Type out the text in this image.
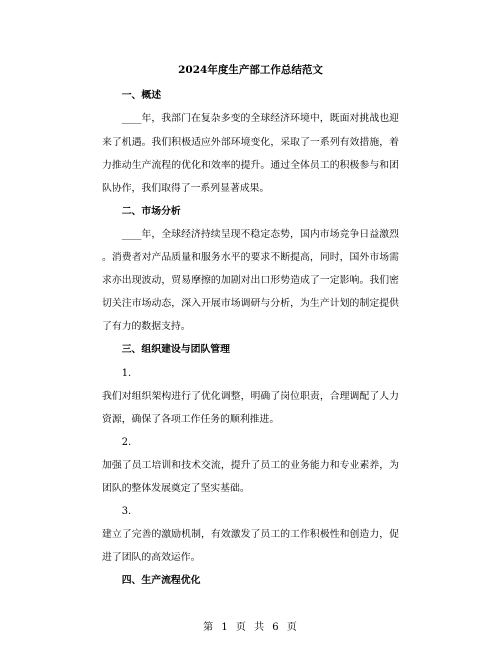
2024年度生产部工作总结范文
一、概述

____年，我部门在复杂多变的全球经济环境中，既面对挑战也迎来了机遇。我们积极适应外部环境变化，采取了一系列有效措施，着力推动生产流程的优化和效率的提升。通过全体员工的积极参与和团队协作，我们取得了一系列显著成果。

二、市场分析

____年，全球经济持续呈现不稳定态势，国内市场竞争日益激烈。消费者对产品质量和服务水平的要求不断提高，同时，国外市场需求亦出现波动，贸易摩擦的加剧对出口形势造成了一定影响。我们密切关注市场动态，深入开展市场调研与分析，为生产计划的制定提供了有力的数据支持。

三、组织建设与团队管理
1.

我们对组织架构进行了优化调整，明确了岗位职责，合理调配了人力资源，确保了各项工作任务的顺利推进。

2.

加强了员工培训和技术交流，提升了员工的业务能力和专业素养，为团队的整体发展奠定了坚实基础。

3.

建立了完善的激励机制，有效激发了员工的工作积极性和创造力，促进了团队的高效运作。

四、生产流程优化
第 1 页 共 6 页
